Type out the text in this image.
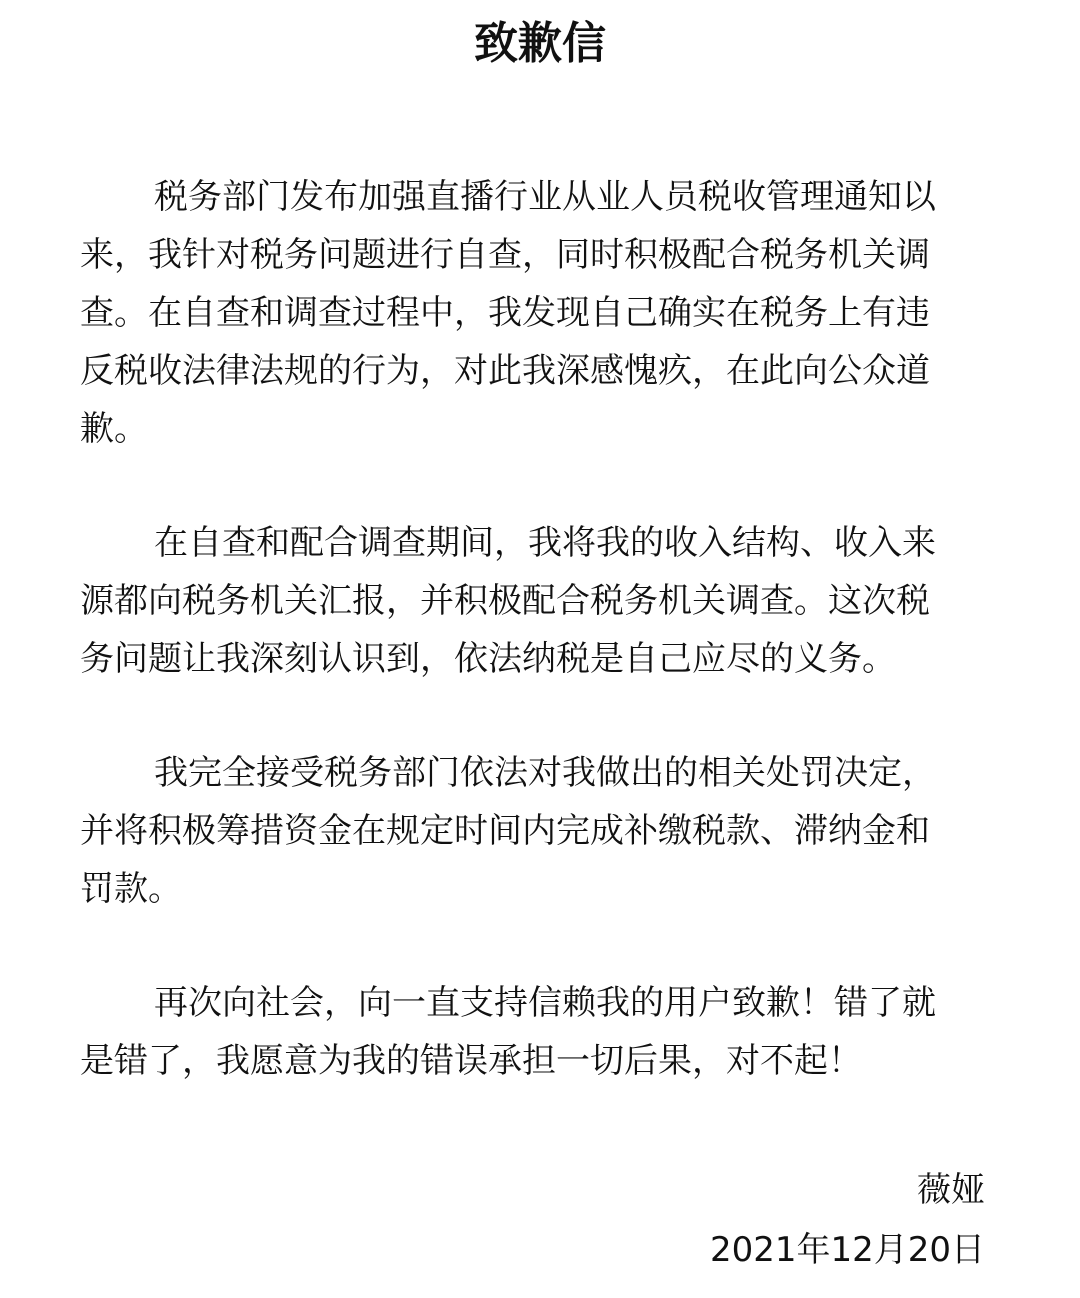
致歉信

税务部门发布加强直播行业从业人员税收管理通知以
来，我针对税务问题进行自查，同时积极配合税务机关调
查。在自查和调查过程中，我发现自己确实在税务上有违
反税收法律法规的行为，对此我深感愧疚，在此向公众道
歉。

在自查和配合调查期间，我将我的收入结构、收入来
源都向税务机关汇报，并积极配合税务机关调查。这次税
务问题让我深刻认识到，依法纳税是自己应尽的义务。

我完全接受税务部门依法对我做出的相关处罚决定，
并将积极筹措资金在规定时间内完成补缴税款、滞纳金和
罚款。

再次向社会，向一直支持信赖我的用户致歉！错了就
是错了，我愿意为我的错误承担一切后果，对不起！

薇娅
2021年12月20日
